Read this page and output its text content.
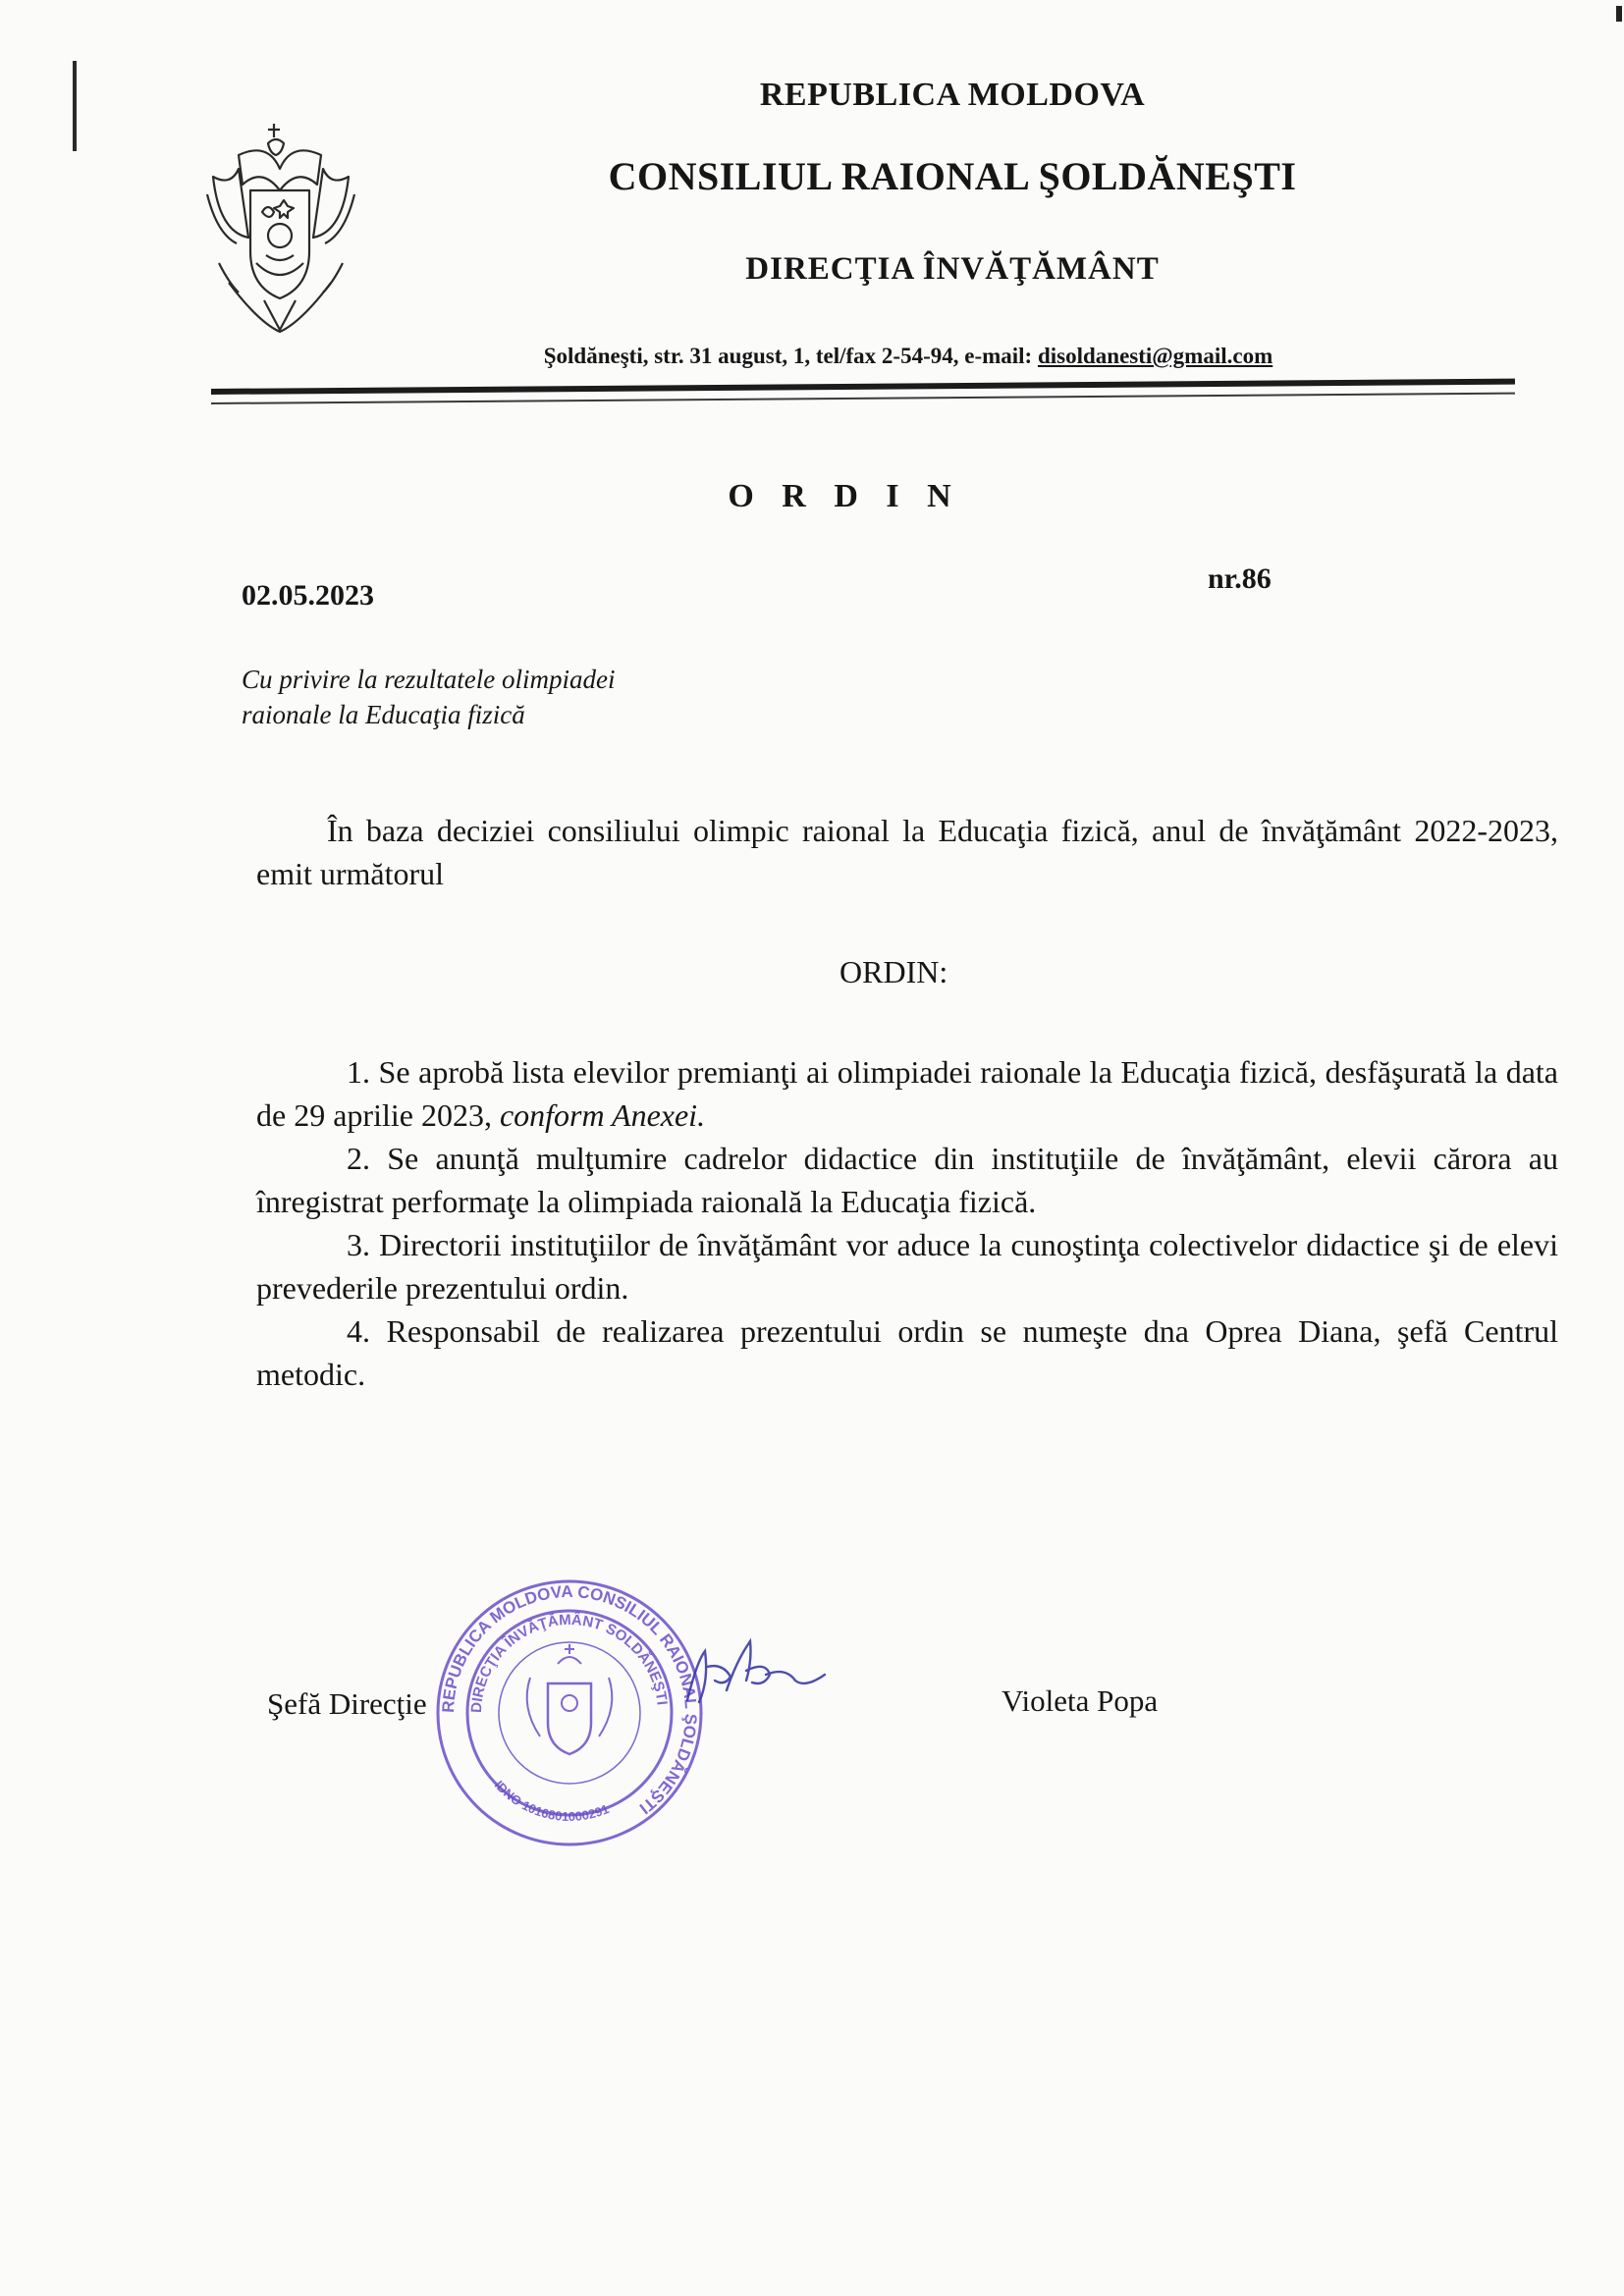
REPUBLICA MOLDOVA
CONSILIUL RAIONAL ŞOLDĂNEŞTI
DIRECŢIA ÎNVĂŢĂMÂNT
Şoldăneşti, str. 31 august, 1, tel/fax 2-54-94, e-mail: disoldanesti@gmail.com
O R D I N
02.05.2023
nr.86
Cu privire la rezultatele olimpiadei
raionale la Educaţia fizică
În baza deciziei consiliului olimpic raional la Educaţia fizică, anul de învăţământ 2022-2023, emit următorul
ORDIN:

1. Se aprobă lista elevilor premianţi ai olimpiadei raionale la Educaţia fizică, desfăşurată la data de 29 aprilie 2023, conform Anexei.

2. Se anunţă mulţumire cadrelor didactice din instituţiile de învăţământ, elevii cărora au înregistrat performaţe la olimpiada raională la Educaţia fizică.

3. Directorii instituţiilor de învăţământ vor aduce la cunoştinţa colectivelor didactice şi de elevi prevederile prezentului ordin.

4. Responsabil de realizarea prezentului ordin se numeşte dna Oprea Diana, şefă Centrul metodic.

Şefă Direcţie	Violeta Popa
REPUBLICA MOLDOVA CONSILIUL RAIONAL ŞOLDĂNEŞTI
DIRECŢIA ÎNVĂŢĂMÂNT SOLDĂNEŞTI
IDNO 1016801000291
